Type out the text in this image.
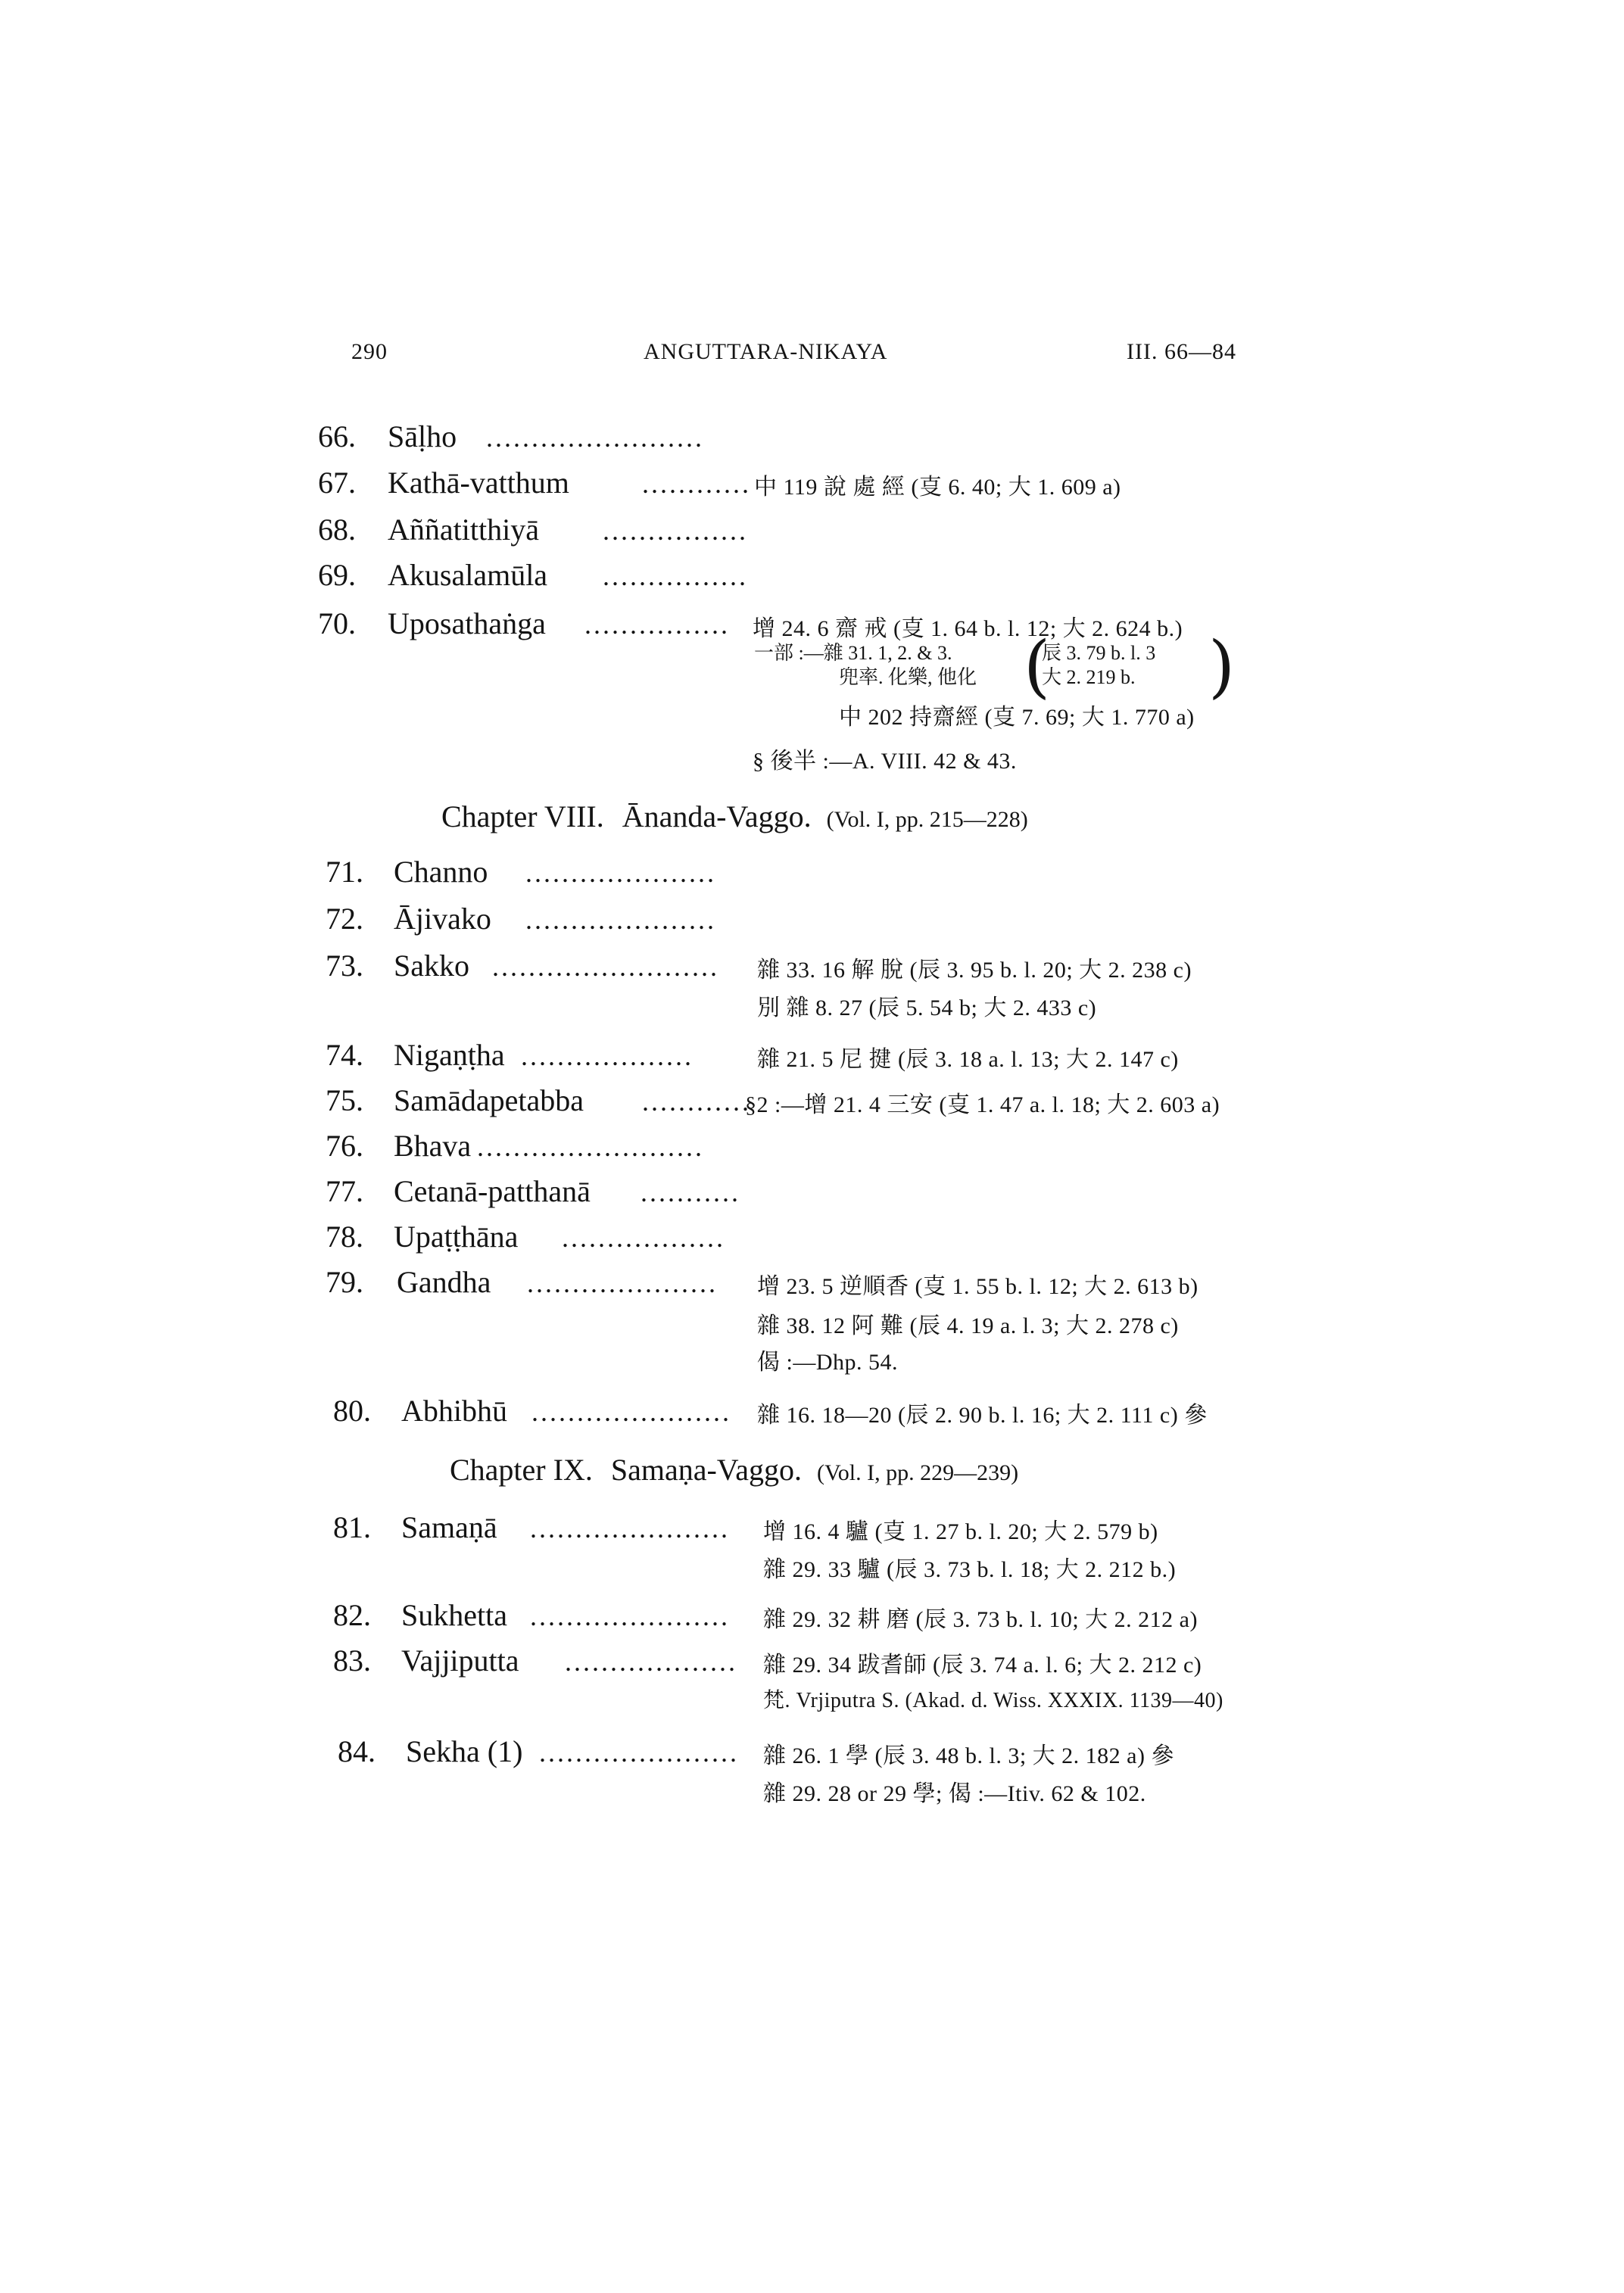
290	ANGUTTARA-NIKAYA	III. 66—84
66. Sāḷho ........................
67. Kathā-vatthum	............ 中 119 說 處 經 (㕝 6. 40; 大 1. 609 a)
68. Aññatitthiyā ................
69. Akusalamūla ................
70. Uposathaṅga ................ 增 24. 6 齋 戒 (㕝 1. 64 b. l. 12; 大 2. 624 b.)
一部 :—雜 31. 1, 2. & 3.
兜率. 化樂, 他化 (
辰 3. 79 b. l. 3
大 2. 219 b. )
中 202 持齋經 (㕝 7. 69; 大 1. 770 a)
§ 後半 :—A. VIII. 42 & 43.
Chapter VIII. Ānanda-Vaggo. (Vol. I, pp. 215—228)
71. Channo .....................
72. Ājivako .....................
73. Sakko ......................... 雜 33. 16 解 脫 (辰 3. 95 b. l. 20; 大 2. 238 c)
別 雜 8. 27 (辰 5. 54 b; 大 2. 433 c)
74. Nigaṇṭha ...................	雜 21. 5 尼 揵 (辰 3. 18 a. l. 13; 大 2. 147 c)
75. Samādapetabba ............
§2 :—增 21. 4 三安 (㕝 1. 47 a. l. 18; 大 2. 603 a)
76. Bhava .........................
77. Cetanā-patthanā ...........
78. Upaṭṭhāna ..................
79. Gandha ..................... 增 23. 5 逆順香 (㕝 1. 55 b. l. 12; 大 2. 613 b)
雜 38. 12 阿 難 (辰 4. 19 a. l. 3; 大 2. 278 c)
偈 :—Dhp. 54.
80. Abhibhū ...................... 雜 16. 18—20 (辰 2. 90 b. l. 16; 大 2. 111 c) 參
Chapter IX. Samaṇa-Vaggo. (Vol. I, pp. 229—239)
81. Samaṇā ...................... 增 16. 4 驢 (㕝 1. 27 b. l. 20; 大 2. 579 b)
雜 29. 33 驢 (辰 3. 73 b. l. 18; 大 2. 212 b.)
82. Sukhetta ...................... 雜 29. 32 耕 磨 (辰 3. 73 b. l. 10; 大 2. 212 a)
83. Vajjiputta ................... 雜 29. 34 跋耆師 (辰 3. 74 a. l. 6; 大 2. 212 c)
梵. Vrjiputra S. (Akad. d. Wiss. XXXIX. 1139—40)
84. Sekha (1) ...................... 雜 26. 1 學 (辰 3. 48 b. l. 3; 大 2. 182 a) 參
雜 29. 28 or 29 學; 偈 :—Itiv. 62 & 102.
